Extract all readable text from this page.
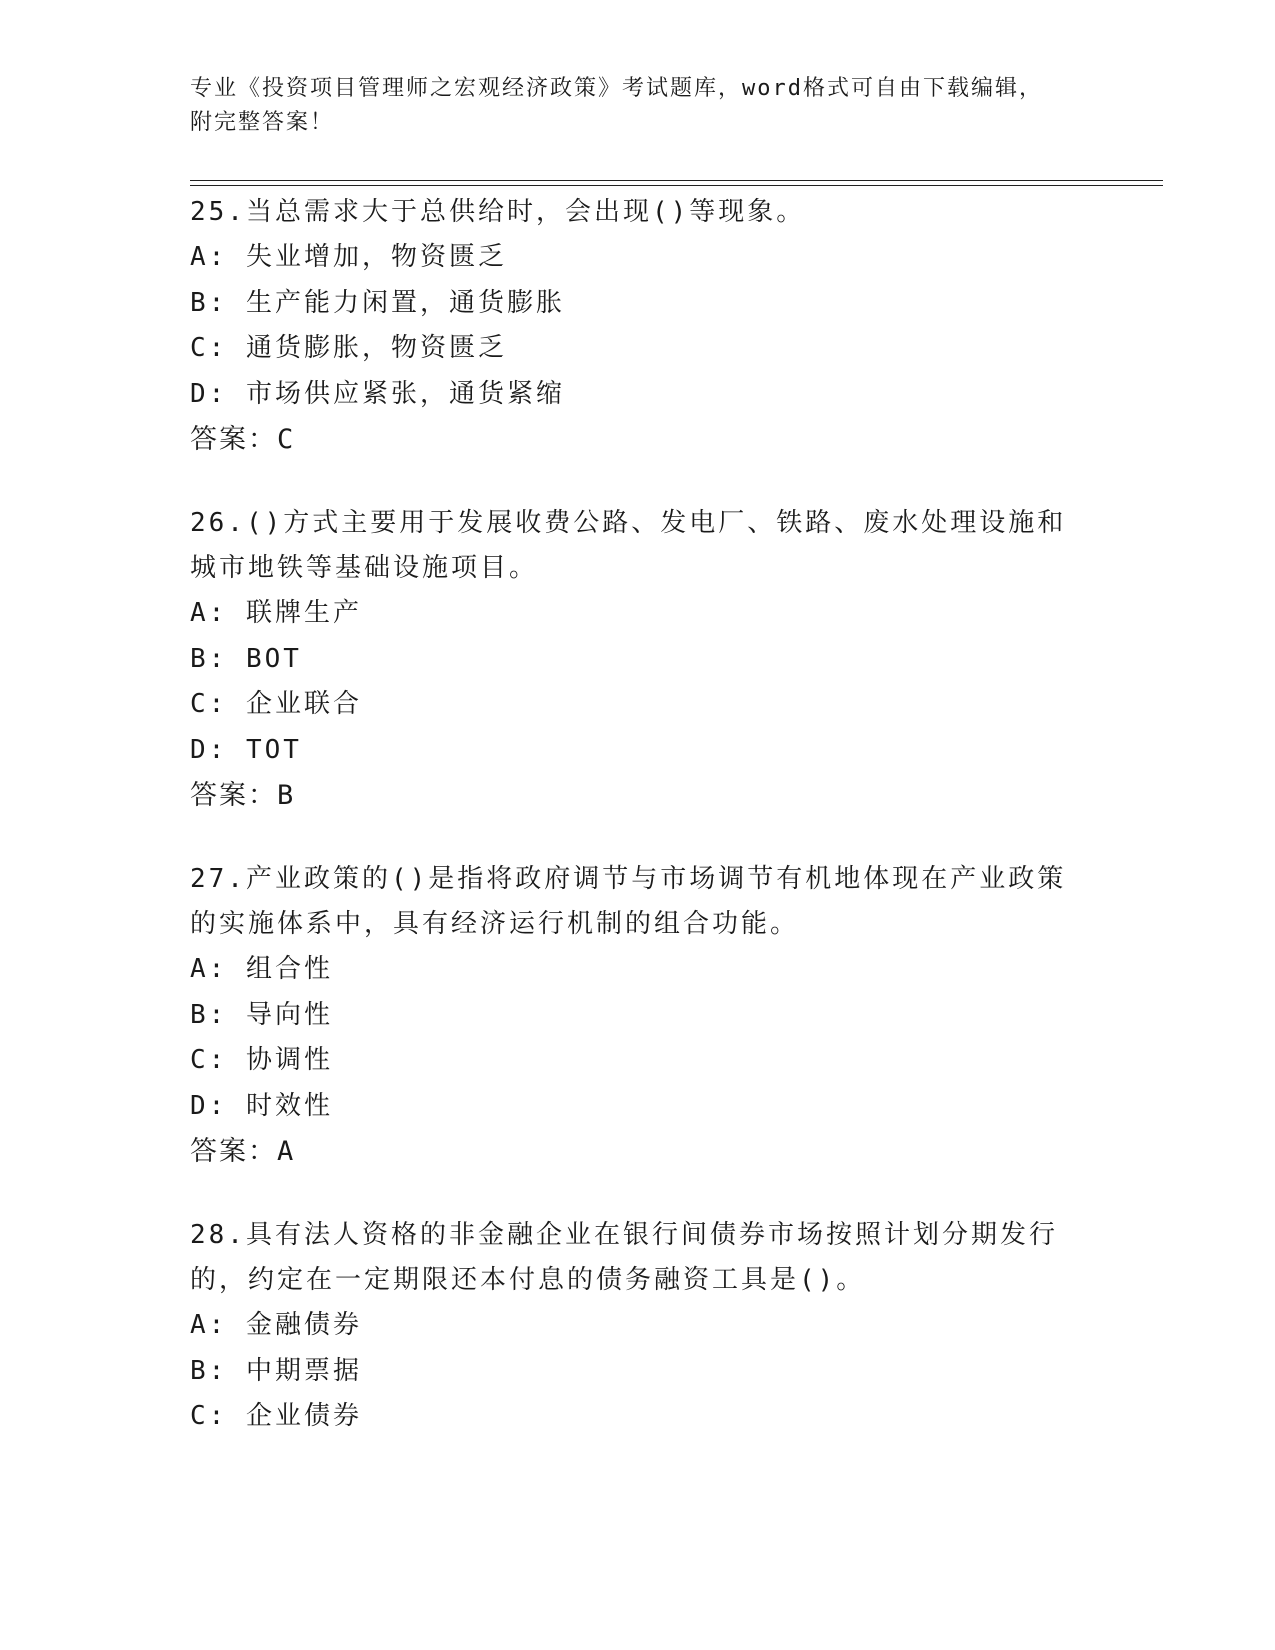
专业《投资项目管理师之宏观经济政策》考试题库，word格式可自由下载编辑，
附完整答案！

25.当总需求大于总供给时，会出现()等现象。

A: 失业增加，物资匮乏

B: 生产能力闲置，通货膨胀

C: 通货膨胀，物资匮乏

D: 市场供应紧张，通货紧缩

答案：C

26.()方式主要用于发展收费公路、发电厂、铁路、废水处理设施和城市地铁等基础设施项目。

A: 联牌生产

B: BOT

C: 企业联合

D: TOT

答案：B

27.产业政策的()是指将政府调节与市场调节有机地体现在产业政策的实施体系中，具有经济运行机制的组合功能。

A: 组合性

B: 导向性

C: 协调性

D: 时效性

答案：A

28.具有法人资格的非金融企业在银行间债券市场按照计划分期发行的，约定在一定期限还本付息的债务融资工具是()。

A: 金融债券

B: 中期票据

C: 企业债券
